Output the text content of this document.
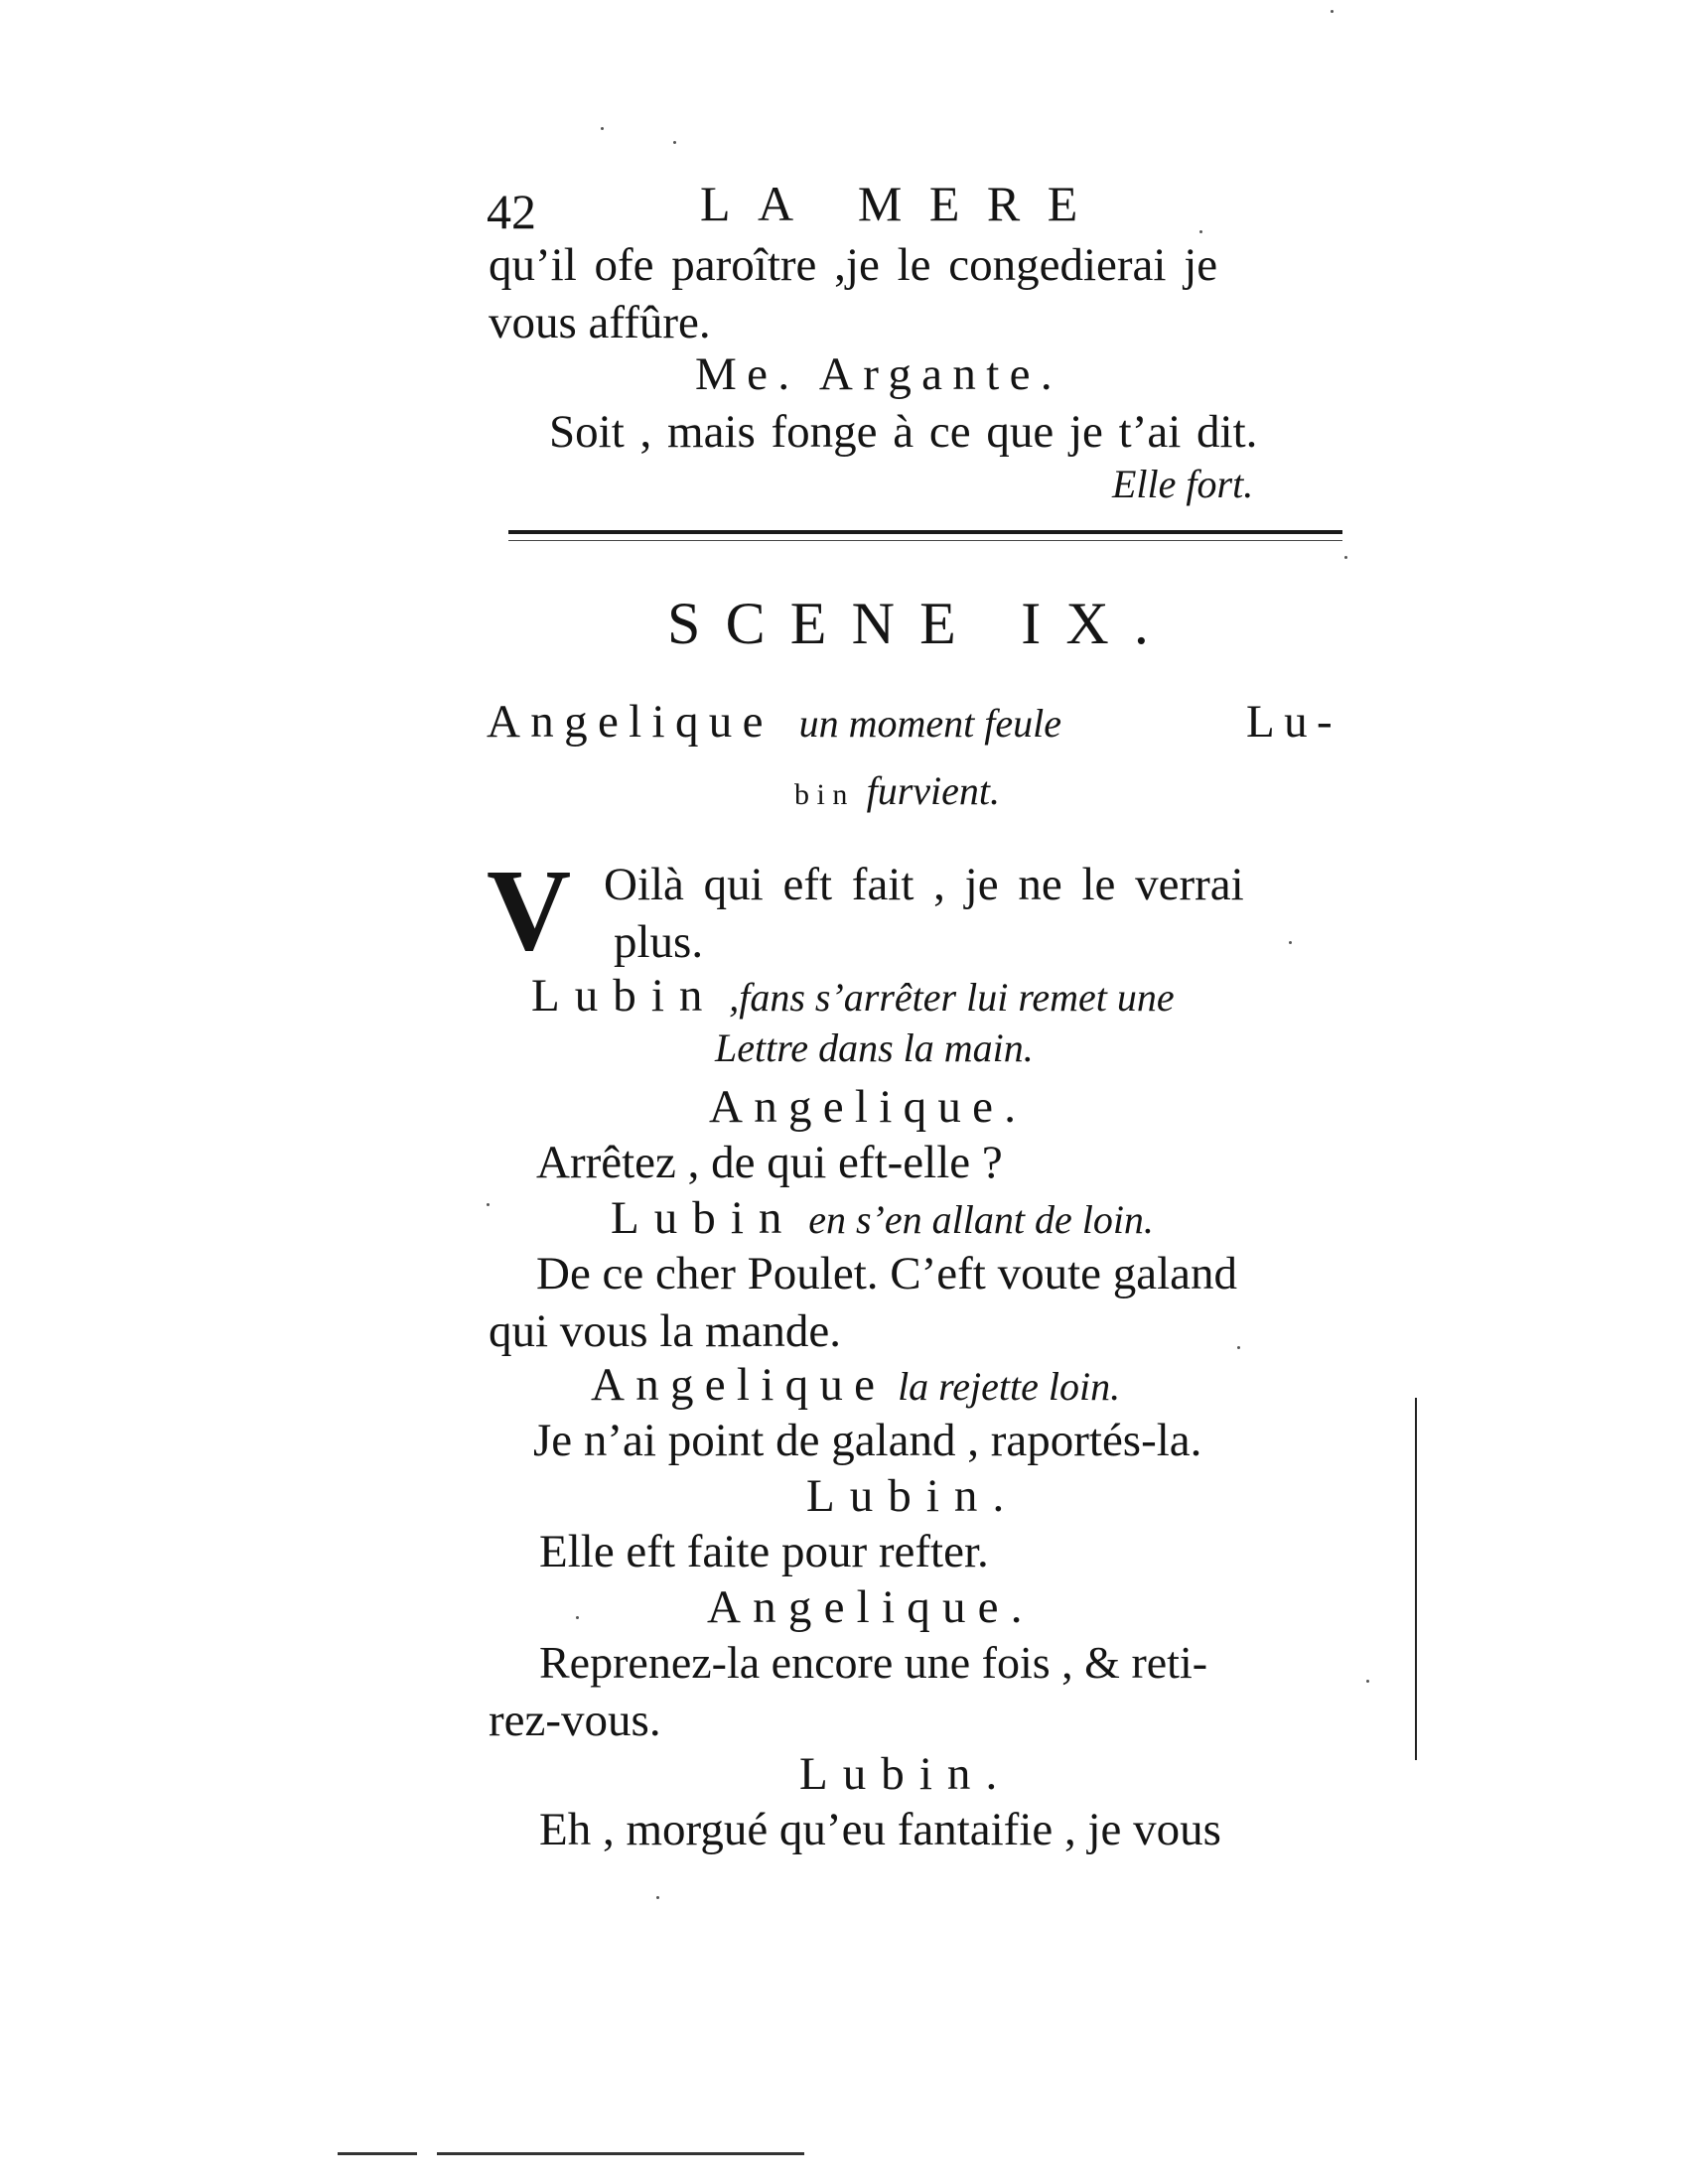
42	LA MERE
qu’il ofe paroître ,je le congedierai je
vous affûre.
Me. Argante.
Soit , mais fonge à ce que je t’ai dit.
Elle fort.
SCENE IX.
Angelique un moment feule	Lu-
bin furvient.
V Oilà qui eft fait , je ne le verrai
plus.
Lubin ,fans s’arrêter lui remet une
Lettre dans la main.
Angelique.
Arrêtez , de qui eft-elle ?
Lubin en s’en allant de loin.
De ce cher Poulet. C’eft voute galand
qui vous la mande.
Angelique la rejette loin.
Je n’ai point de galand , raportés-la.
Lubin.
Elle eft faite pour refter.
Angelique.
Reprenez-la encore une fois , & reti-
rez-vous.
Lubin.
Eh , morgué qu’eu fantaifie , je vous
